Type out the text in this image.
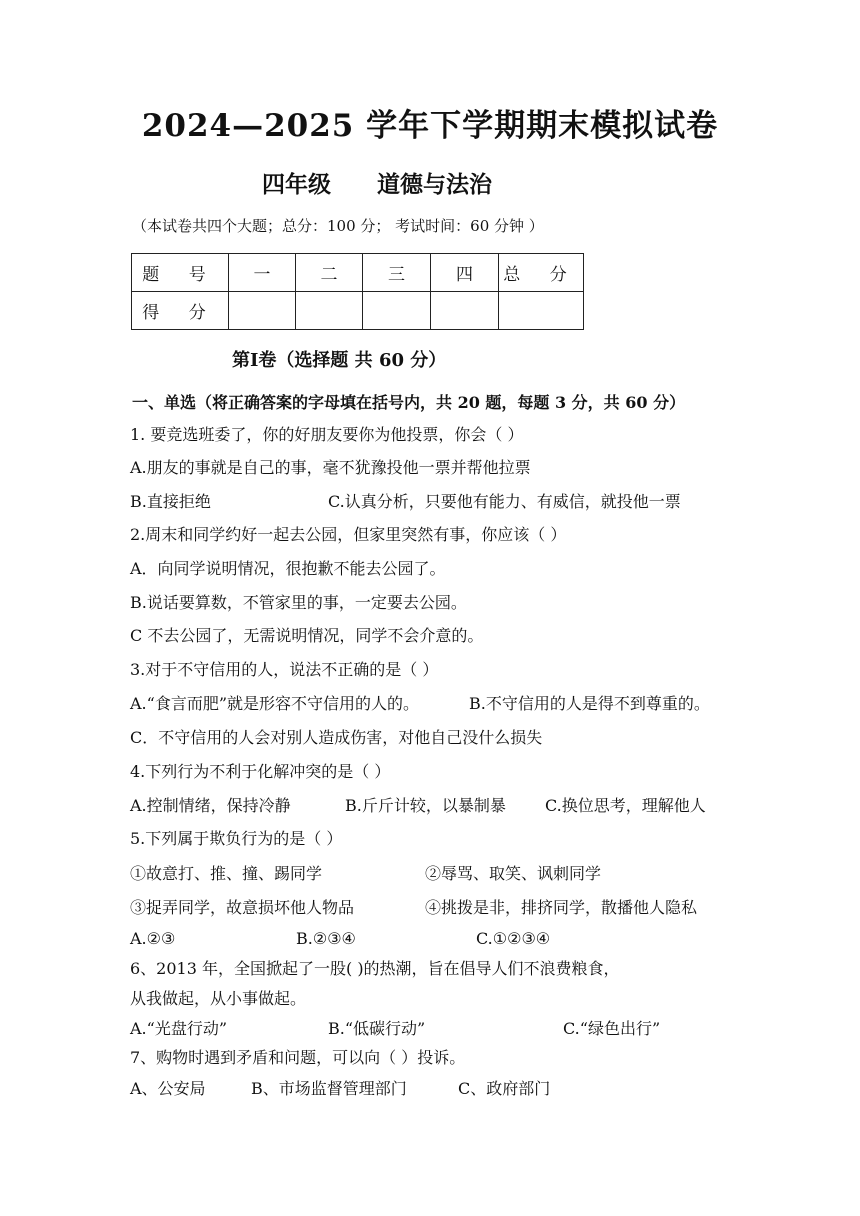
2024—2025 学年下学期期末模拟试卷
四年级 道德与法治
（本试卷共四个大题；总分：100 分； 考试时间：60 分钟 ）
题 号	一	二	三	四	总 分
得 分					
第Ⅰ卷（选择题 共 60 分）
一、单选（将正确答案的字母填在括号内，共 20 题，每题 3 分，共 60 分）
1. 要竞选班委了，你的好朋友要你为他投票，你会（ ）
A.朋友的事就是自己的事，毫不犹豫投他一票并帮他拉票
B.直接拒绝	C.认真分析，只要他有能力、有威信，就投他一票
2.周末和同学约好一起去公园，但家里突然有事，你应该（ ）
A．向同学说明情况，很抱歉不能去公园了。
B.说话要算数，不管家里的事，一定要去公园。
C 不去公园了，无需说明情况，同学不会介意的。
3.对于不守信用的人，说法不正确的是（ ）
A.“食言而肥”就是形容不守信用的人的。	B.不守信用的人是得不到尊重的。
C．不守信用的人会对别人造成伤害，对他自己没什么损失
4.下列行为不利于化解冲突的是（ ）
A.控制情绪，保持冷静	B.斤斤计较，以暴制暴 C.换位思考，理解他人
5.下列属于欺负行为的是（ ）
①故意打、推、撞、踢同学	②辱骂、取笑、讽刺同学
③捉弄同学，故意损坏他人物品	④挑拨是非，排挤同学，散播他人隐私
A.②③	B.②③④	C.①②③④
6、2013 年，全国掀起了一股( )的热潮，旨在倡导人们不浪费粮食，
从我做起，从小事做起。
A.“光盘行动”	B.“低碳行动”	C.“绿色出行”
7、购物时遇到矛盾和问题，可以向（ ）投诉。
A、公安局	B、市场监督管理部门	C、政府部门
